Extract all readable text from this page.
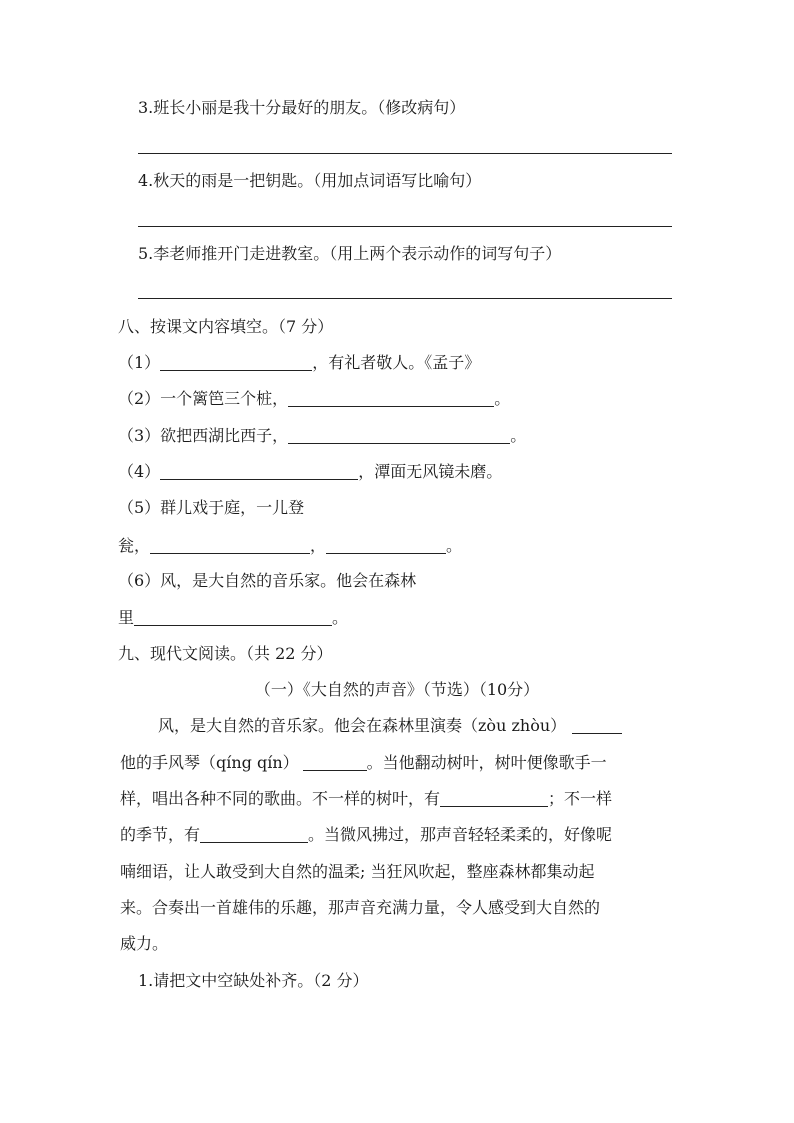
3.班长小丽是我十分最好的朋友。（修改病句）
4.秋天的雨是一把钥匙。（用加点词语写比喻句）
5.李老师推开门走进教室。（用上两个表示动作的词写句子）
八、按课文内容填空。（7 分）
（1）	，有礼者敬人。《孟子》
（2）一个篱笆三个桩，	。
（3）欲把西湖比西子，	。
（4）	，潭面无风镜未磨。
（5）群儿戏于庭，一儿登
瓮，	，	。
（6）风，是大自然的音乐家。他会在森林
里	。
九、现代文阅读。（共 22 分）
（一）《大自然的声音》（节选）（10分）
风，是大自然的音乐家。他会在森林里演奏（zòu zhòu）
他的手风琴（qíng qín）	。当他翻动树叶，树叶便像歌手一
样，唱出各种不同的歌曲。不一样的树叶，有	；不一样
的季节，有	。当微风拂过，那声音轻轻柔柔的，好像呢
喃细语，让人敢受到大自然的温柔; 当狂风吹起，整座森林都集动起
来。合奏出一首雄伟的乐趣，那声音充满力量，令人感受到大自然的
威力。
1.请把文中空缺处补齐。（2 分）
